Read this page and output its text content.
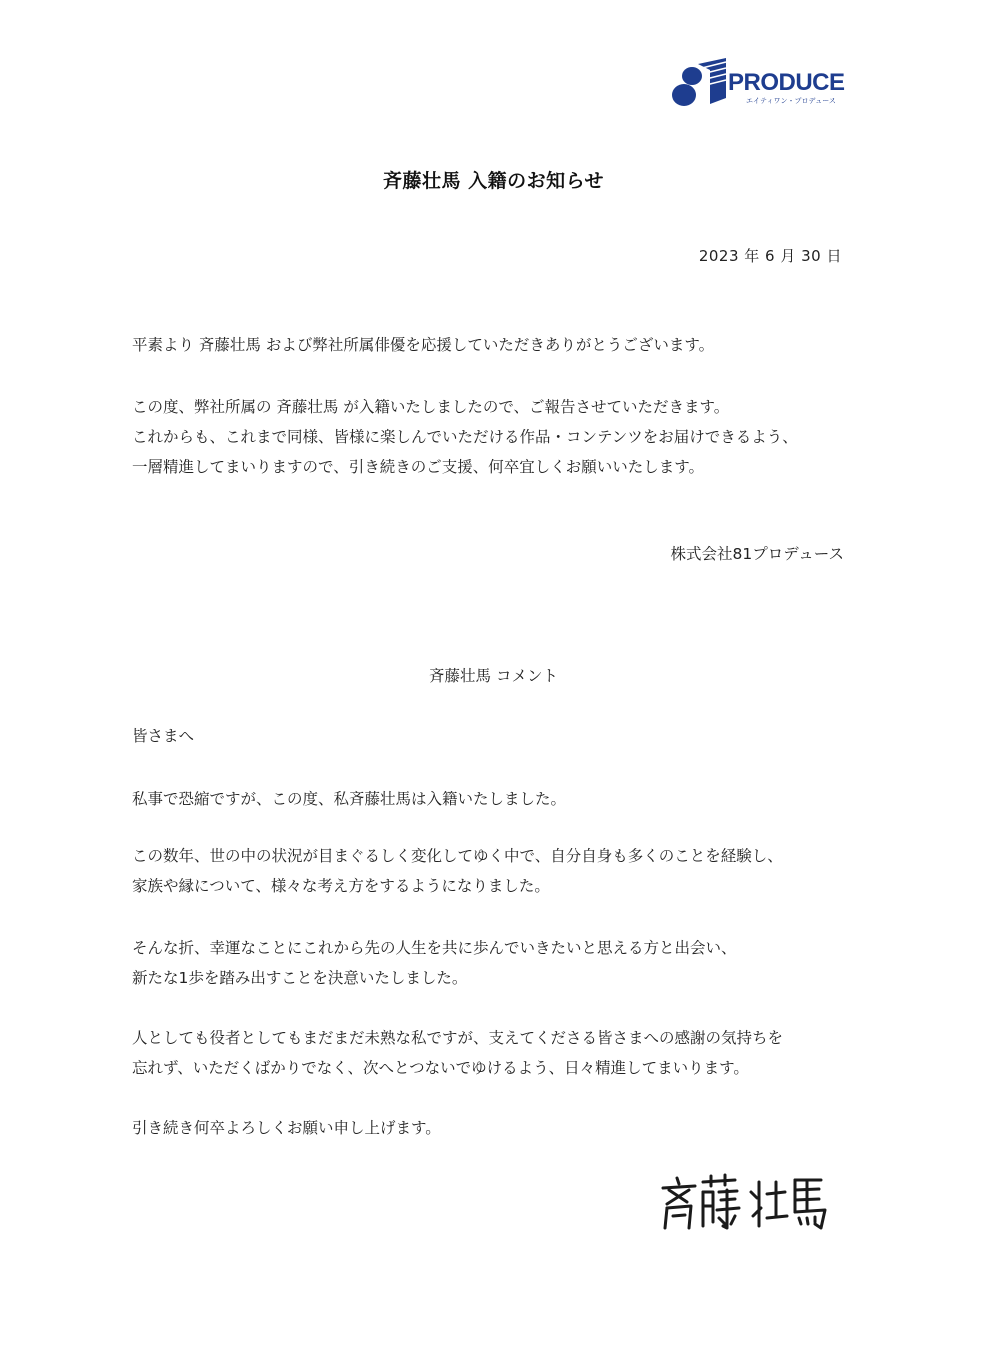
PRODUCE
エイティワン・プロデュース
斉藤壮馬 入籍のお知らせ
2023 年 6 月 30 日
平素より 斉藤壮馬 および弊社所属俳優を応援していただきありがとうございます。
この度、弊社所属の 斉藤壮馬 が入籍いたしましたので、ご報告させていただきます。
これからも、これまで同様、皆様に楽しんでいただける作品・コンテンツをお届けできるよう、
一層精進してまいりますので、引き続きのご支援、何卒宜しくお願いいたします。
株式会社81プロデュース
斉藤壮馬 コメント
皆さまへ
私事で恐縮ですが、この度、私斉藤壮馬は入籍いたしました。
この数年、世の中の状況が目まぐるしく変化してゆく中で、自分自身も多くのことを経験し、
家族や縁について、様々な考え方をするようになりました。
そんな折、幸運なことにこれから先の人生を共に歩んでいきたいと思える方と出会い、
新たな1歩を踏み出すことを決意いたしました。
人としても役者としてもまだまだ未熟な私ですが、支えてくださる皆さまへの感謝の気持ちを
忘れず、いただくばかりでなく、次へとつないでゆけるよう、日々精進してまいります。
引き続き何卒よろしくお願い申し上げます。
